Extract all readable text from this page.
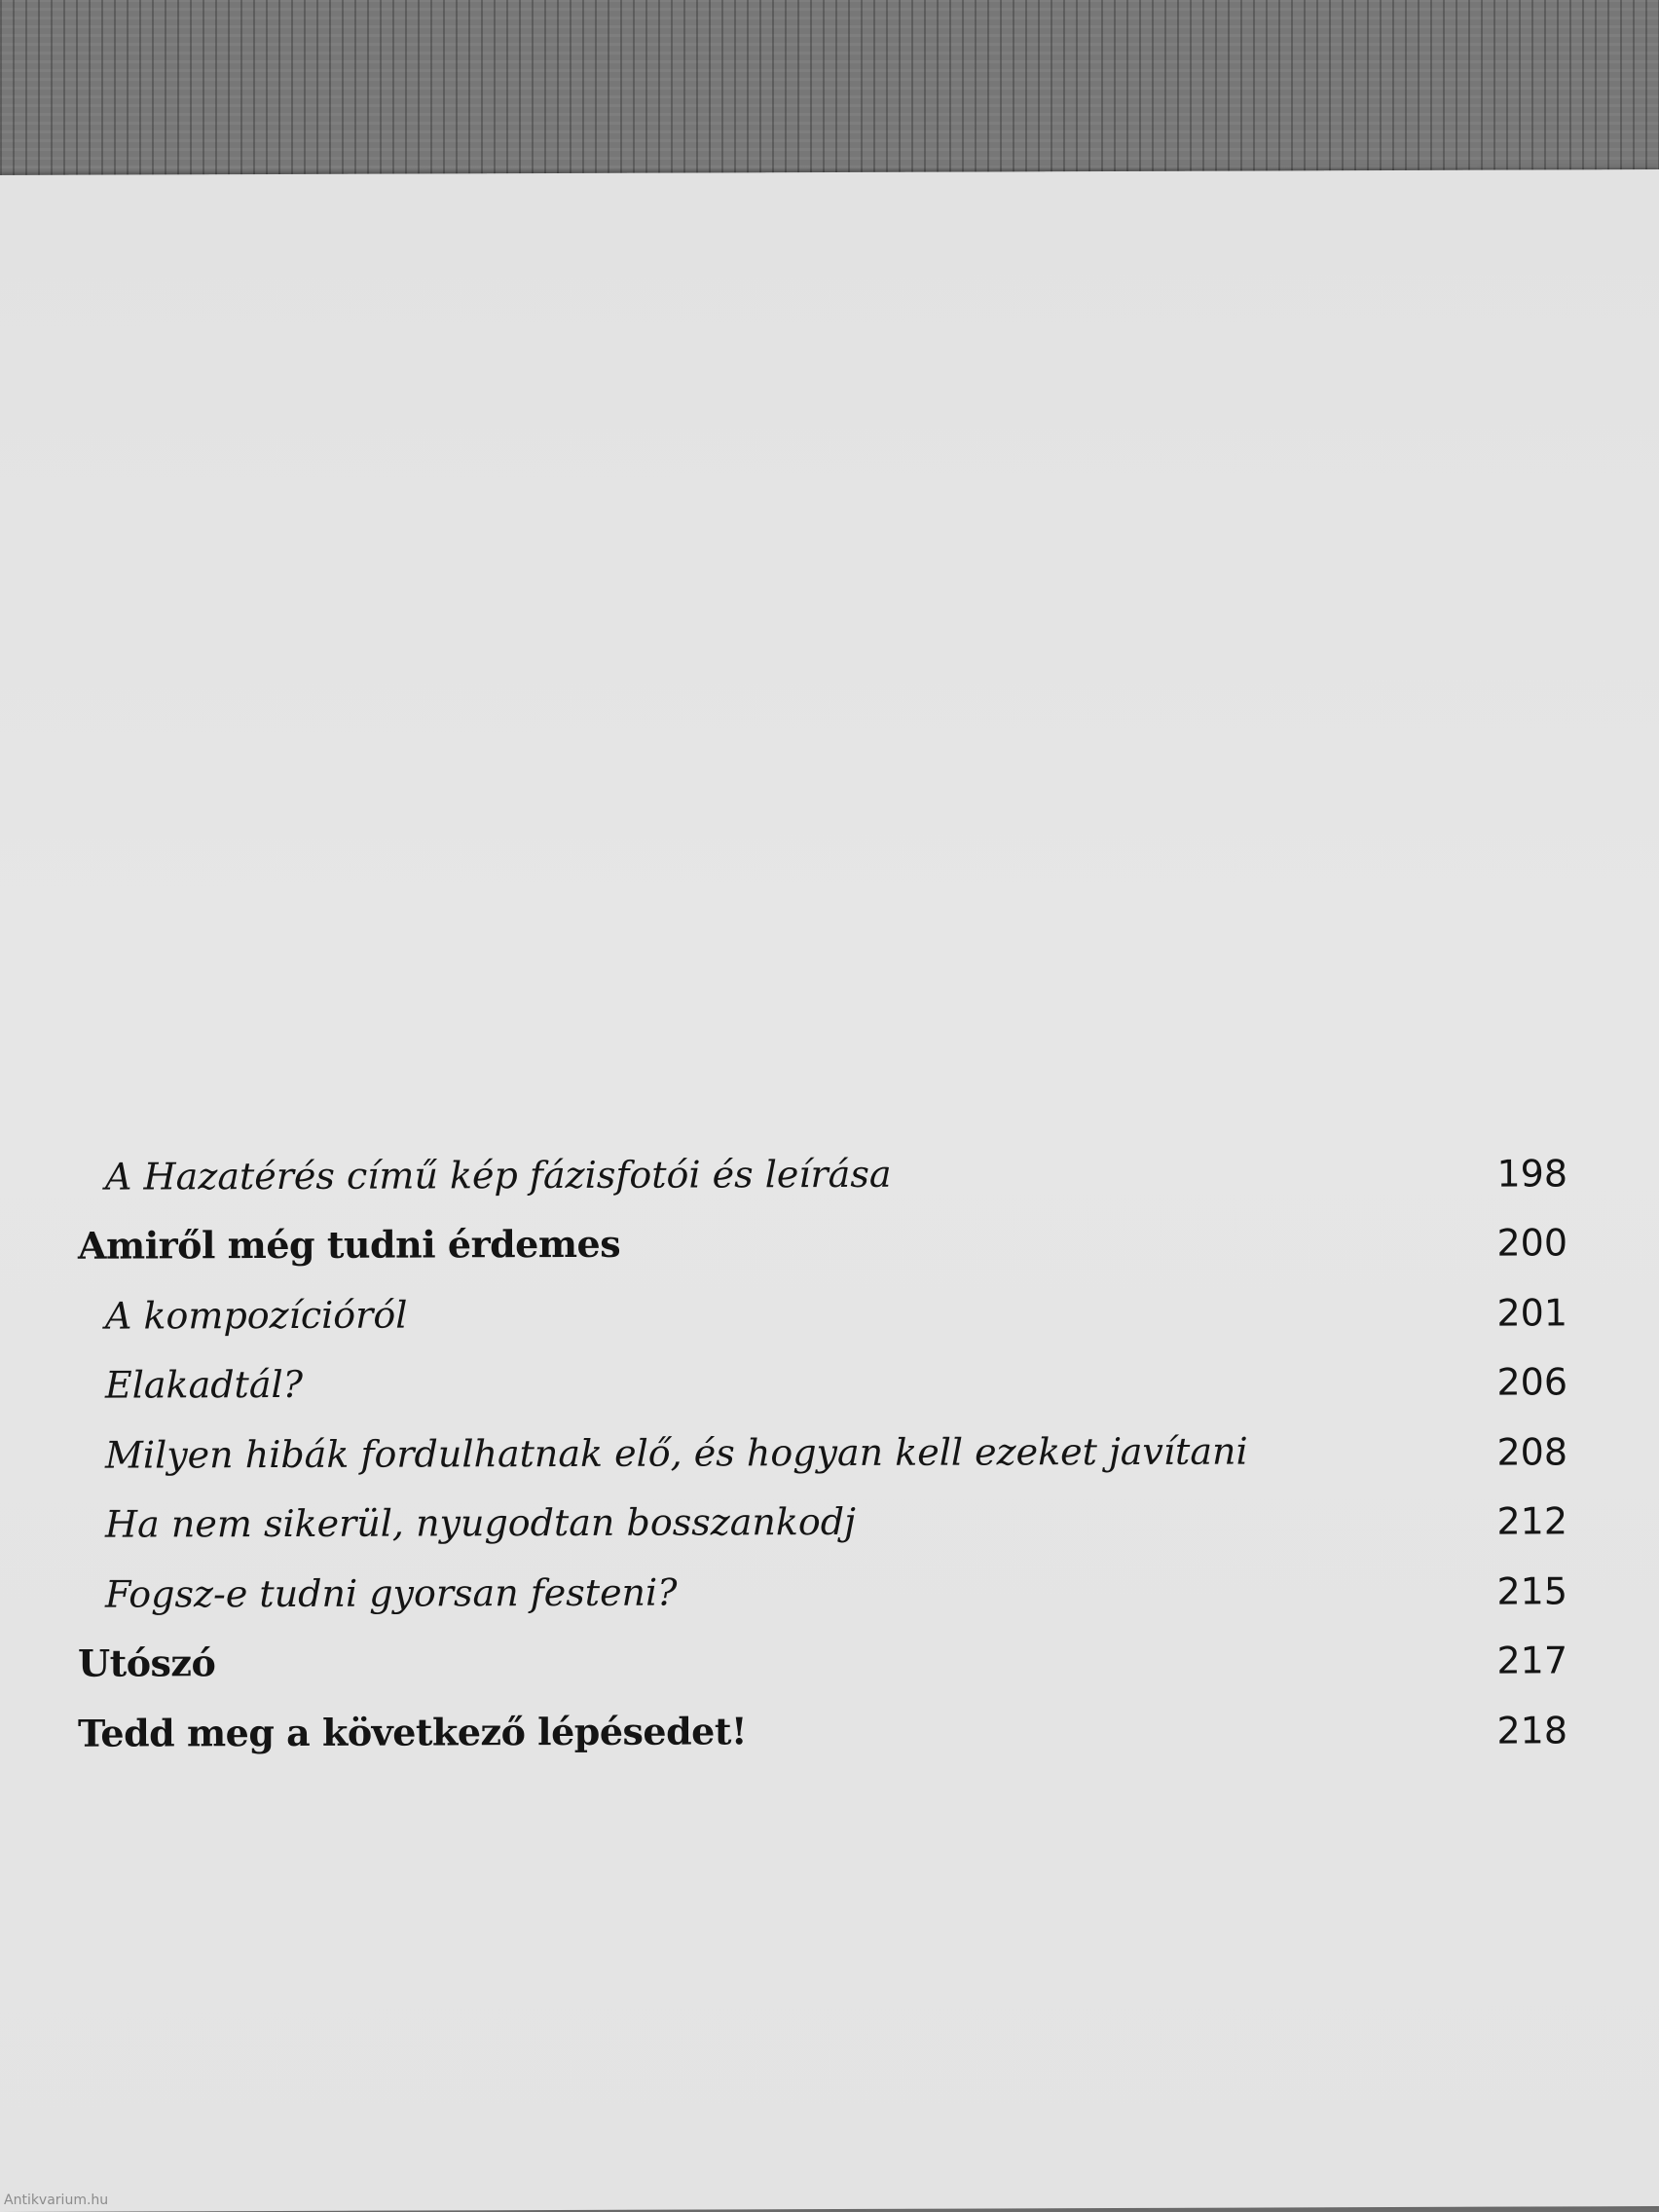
A Hazatérés című kép fázisfotói és leírása	198
Amiről még tudni érdemes	200
A kompozícióról	201
Elakadtál?	206
Milyen hibák fordulhatnak elő, és hogyan kell ezeket javítani	208
Ha nem sikerül, nyugodtan bosszankodj	212
Fogsz-e tudni gyorsan festeni?	215
Utószó	217
Tedd meg a következő lépésedet!	218
Antikvarium.hu
